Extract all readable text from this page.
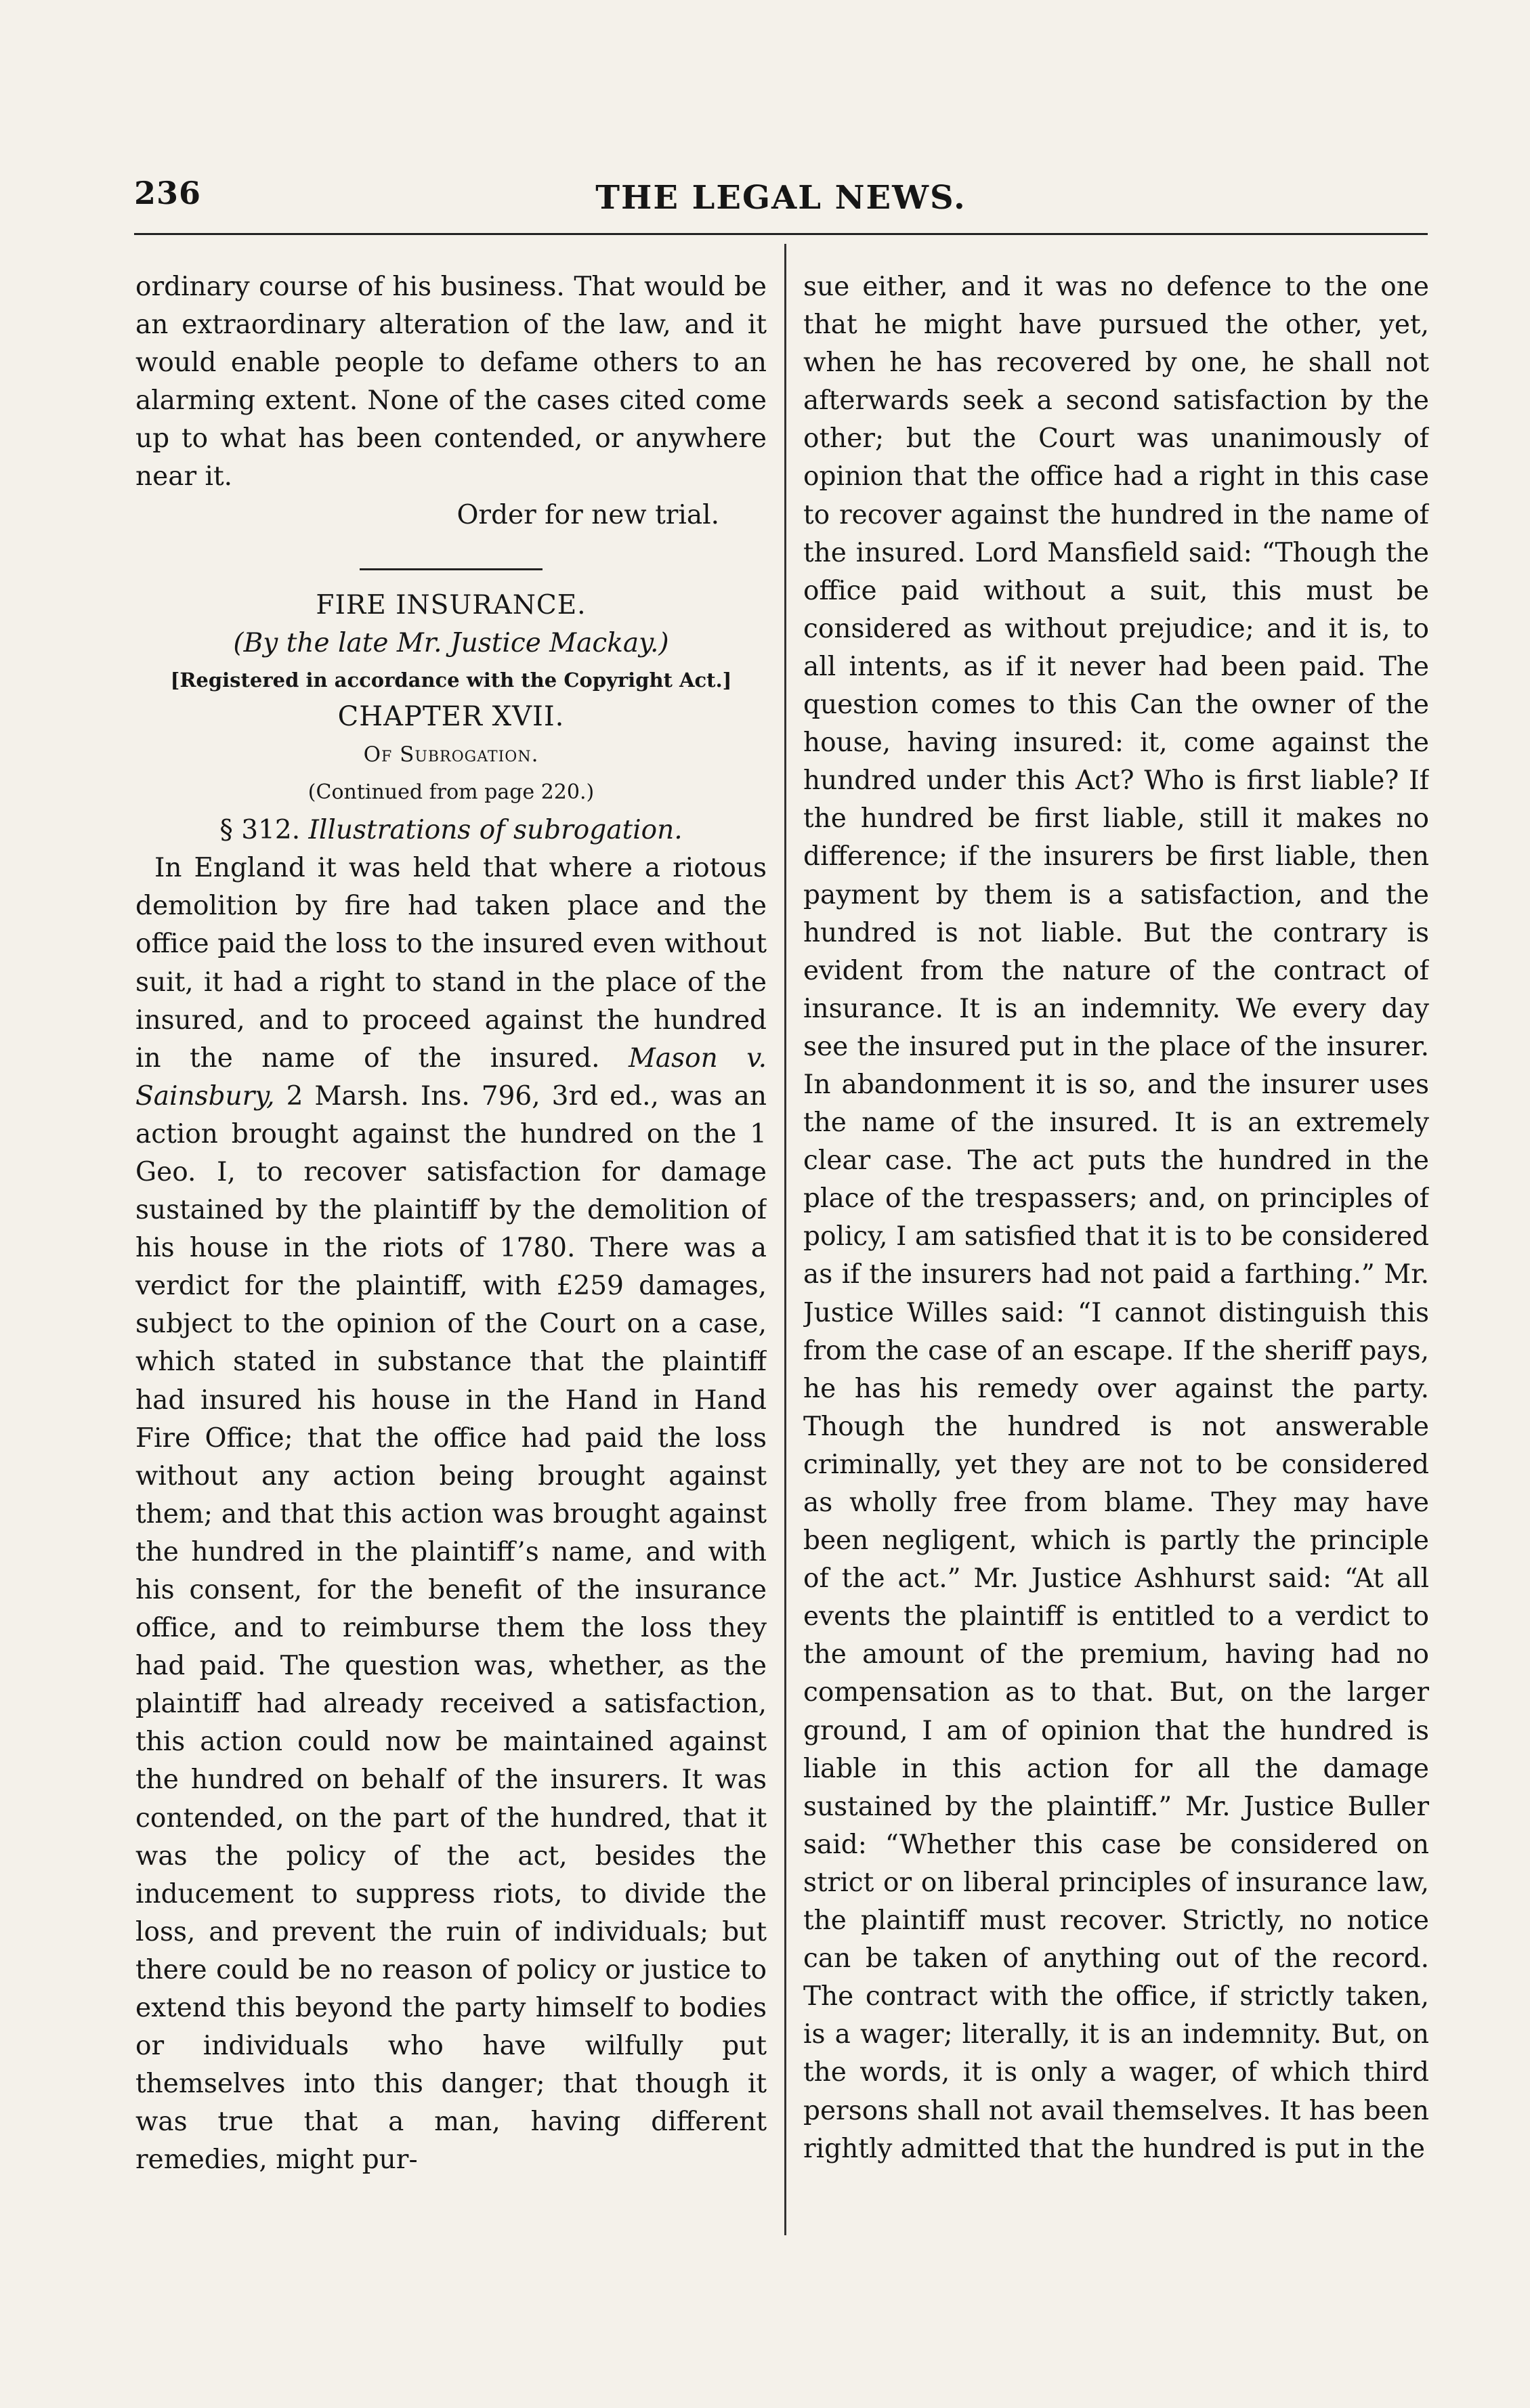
236	THE LEGAL NEWS.

ordinary course of his business. That would be an extraordinary alteration of the law, and it would enable people to defame others to an alarming extent. None of the cases cited come up to what has been contended, or anywhere near it.

Order for new trial.

FIRE INSURANCE.

(By the late Mr. Justice Mackay.)

[Registered in accordance with the Copyright Act.]

CHAPTER XVII.

Of Subrogation.

(Continued from page 220.)

§ 312. Illustrations of subrogation.

In England it was held that where a riotous demolition by fire had taken place and the office paid the loss to the insured even without suit, it had a right to stand in the place of the insured, and to proceed against the hundred in the name of the insured. Mason v. Sainsbury, 2 Marsh. Ins. 796, 3rd ed., was an action brought against the hundred on the 1 Geo. I, to recover satisfaction for damage sustained by the plaintiff by the demolition of his house in the riots of 1780. There was a verdict for the plaintiff, with £259 damages, subject to the opinion of the Court on a case, which stated in substance that the plaintiff had insured his house in the Hand in Hand Fire Office; that the office had paid the loss without any action being brought against them; and that this action was brought against the hundred in the plaintiff’s name, and with his consent, for the benefit of the insurance office, and to reimburse them the loss they had paid. The question was, whether, as the plaintiff had already received a satisfaction, this action could now be maintained against the hundred on behalf of the insurers. It was contended, on the part of the hundred, that it was the policy of the act, besides the inducement to suppress riots, to divide the loss, and prevent the ruin of individuals; but there could be no reason of policy or justice to extend this beyond the party himself to bodies or individuals who have wilfully put themselves into this danger; that though it was true that a man, having different remedies, might pur-

sue either, and it was no defence to the one that he might have pursued the other, yet, when he has recovered by one, he shall not afterwards seek a second satisfaction by the other; but the Court was unanimously of opinion that the office had a right in this case to recover against the hundred in the name of the insured. Lord Mansfield said: “Though the office paid without a suit, this must be considered as without prejudice; and it is, to all intents, as if it never had been paid. The question comes to this Can the owner of the house, having insured: it, come against the hundred under this Act? Who is first liable? If the hundred be first liable, still it makes no difference; if the insurers be first liable, then payment by them is a satisfaction, and the hundred is not liable. But the contrary is evident from the nature of the contract of insurance. It is an indemnity. We every day see the insured put in the place of the insurer. In abandonment it is so, and the insurer uses the name of the insured. It is an extremely clear case. The act puts the hundred in the place of the trespassers; and, on principles of policy, I am satisfied that it is to be considered as if the insurers had not paid a farthing.” Mr. Justice Willes said: “I cannot distinguish this from the case of an escape. If the sheriff pays, he has his remedy over against the party. Though the hundred is not answerable criminally, yet they are not to be considered as wholly free from blame. They may have been negligent, which is partly the principle of the act.” Mr. Justice Ashhurst said: “At all events the plaintiff is entitled to a verdict to the amount of the premium, having had no compensation as to that. But, on the larger ground, I am of opinion that the hundred is liable in this action for all the damage sustained by the plaintiff.” Mr. Justice Buller said: “Whether this case be considered on strict or on liberal principles of insurance law, the plaintiff must recover. Strictly, no notice can be taken of anything out of the record. The contract with the office, if strictly taken, is a wager; literally, it is an indemnity. But, on the words, it is only a wager, of which third persons shall not avail themselves. It has been rightly admitted that the hundred is put in the
